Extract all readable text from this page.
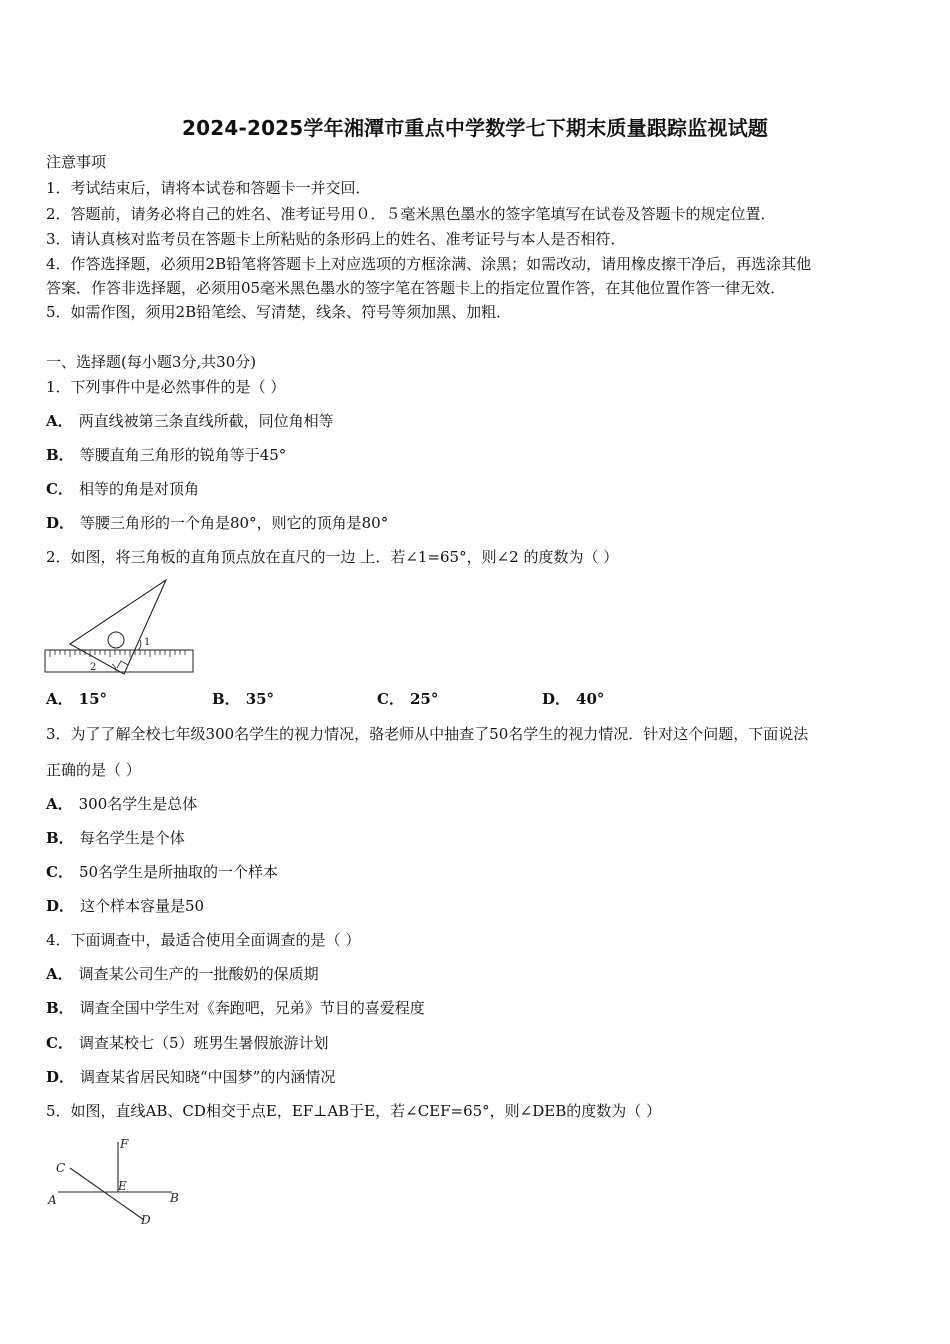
2024-2025学年湘潭市重点中学数学七下期末质量跟踪监视试题
注意事项
1．考试结束后，请将本试卷和答题卡一并交回．
2．答题前，请务必将自己的姓名、准考证号用０．５毫米黑色墨水的签字笔填写在试卷及答题卡的规定位置．
3．请认真核对监考员在答题卡上所粘贴的条形码上的姓名、准考证号与本人是否相符．
4．作答选择题，必须用2B铅笔将答题卡上对应选项的方框涂满、涂黑；如需改动，请用橡皮擦干净后，再选涂其他
答案．作答非选择题，必须用05毫米黑色墨水的签字笔在答题卡上的指定位置作答，在其他位置作答一律无效．
5．如需作图，须用2B铅笔绘、写清楚，线条、符号等须加黑、加粗．
一、选择题(每小题3分,共30分)
1．下列事件中是必然事件的是（ ）
A． 两直线被第三条直线所截，同位角相等
B． 等腰直角三角形的锐角等于45°
C． 相等的角是对顶角
D． 等腰三角形的一个角是80°，则它的顶角是80°
2．如图，将三角板的直角顶点放在直尺的一边 上．若∠1=65°，则∠2 的度数为（ ）
1
2
A． 15°	B． 35°	C． 25°	D． 40°
3．为了了解全校七年级300名学生的视力情况，骆老师从中抽查了50名学生的视力情况．针对这个问题，下面说法
正确的是（ ）
A． 300名学生是总体
B． 每名学生是个体
C． 50名学生是所抽取的一个样本
D． 这个样本容量是50
4．下面调查中，最适合使用全面调查的是（ ）
A． 调查某公司生产的一批酸奶的保质期
B． 调查全国中学生对《奔跑吧，兄弟》节目的喜爱程度
C． 调查某校七（5）班男生暑假旅游计划
D． 调查某省居民知晓“中国梦”的内涵情况
5．如图，直线AB、CD相交于点E，EF⊥AB于E，若∠CEF=65°，则∠DEB的度数为（ ）
F
C
E
A	B
D
